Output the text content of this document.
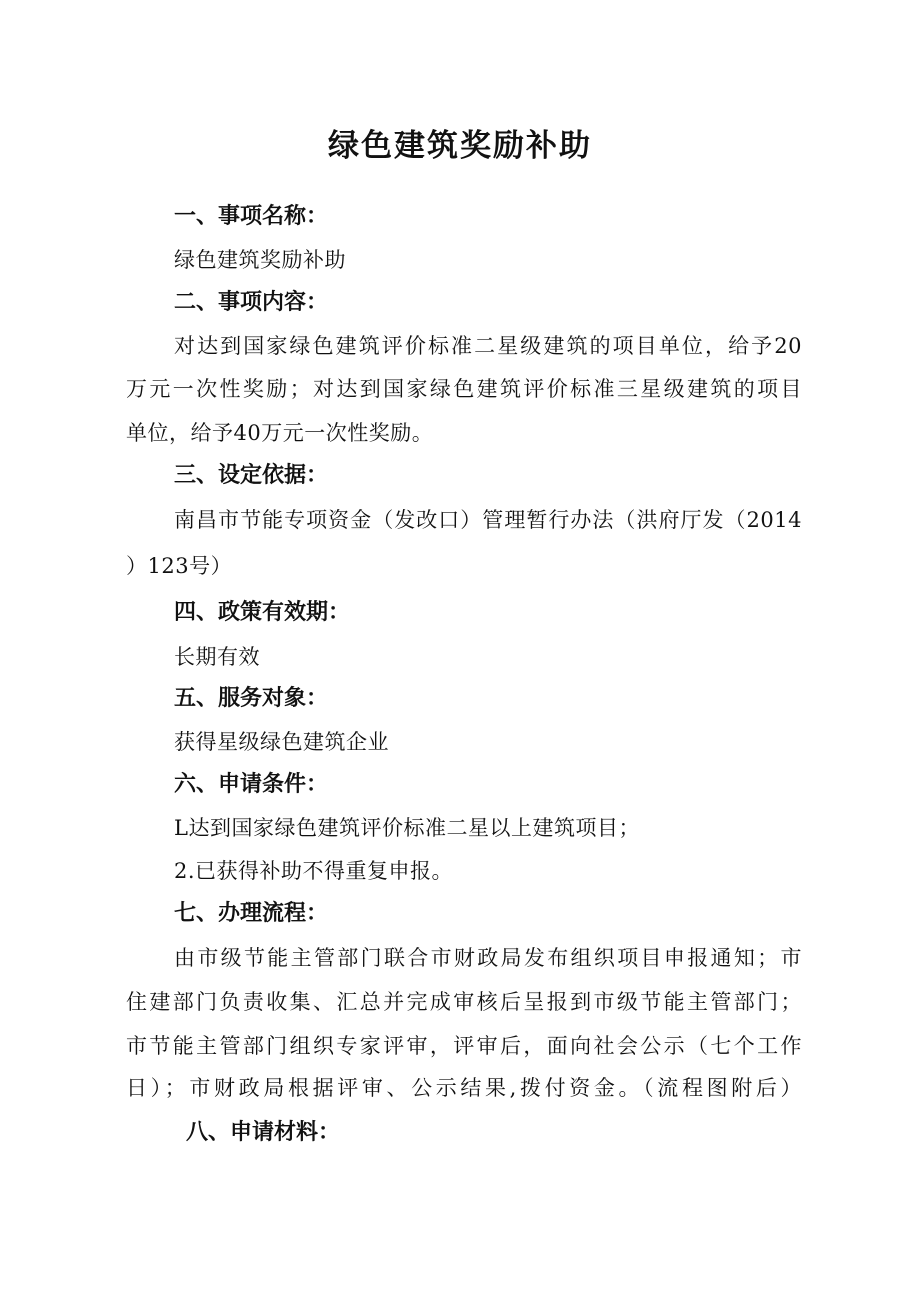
绿色建筑奖励补助
一、事项名称：
绿色建筑奖励补助
二、事项内容：
对达到国家绿色建筑评价标准二星级建筑的项目单位，给予20
万元一次性奖励；对达到国家绿色建筑评价标准三星级建筑的项目
单位，给予40万元一次性奖励。
三、设定依据：
南昌市节能专项资金（发改口）管理暂行办法（洪府厅发（2014
）123号）
四、政策有效期：
长期有效
五、服务对象：
获得星级绿色建筑企业
六、申请条件：
L达到国家绿色建筑评价标准二星以上建筑项目；
2.已获得补助不得重复申报。
七、办理流程：
由市级节能主管部门联合市财政局发布组织项目申报通知；市
住建部门负责收集、汇总并完成审核后呈报到市级节能主管部门；
市节能主管部门组织专家评审，评审后，面向社会公示（七个工作
日）；市财政局根据评审、公示结果,拨付资金。（流程图附后）
八、申请材料：
